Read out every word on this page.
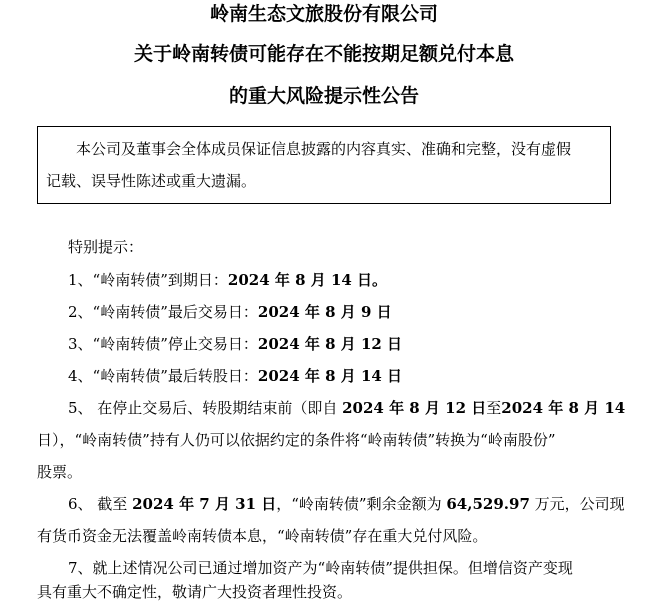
岭南生态文旅股份有限公司
关于岭南转债可能存在不能按期足额兑付本息
的重大风险提示性公告
本公司及董事会全体成员保证信息披露的内容真实、准确和完整，没有虚假
记载、误导性陈述或重大遗漏。
特别提示：
1、“岭南转债”到期日：2024 年 8 月 14 日。
2、“岭南转债”最后交易日：2024 年 8 月 9 日
3、“岭南转债”停止交易日：2024 年 8 月 12 日
4、“岭南转债”最后转股日：2024 年 8 月 14 日
5、 在停止交易后、转股期结束前（即自 2024 年 8 月 12 日至2024 年 8 月 14
日），“岭南转债”持有人仍可以依据约定的条件将“岭南转债”转换为“岭南股份”
股票。
6、 截至 2024 年 7 月 31 日，“岭南转债”剩余金额为 64,529.97 万元，公司现
有货币资金无法覆盖岭南转债本息，“岭南转债”存在重大兑付风险。
7、就上述情况公司已通过增加资产为“岭南转债”提供担保。但增信资产变现
具有重大不确定性，敬请广大投资者理性投资。
